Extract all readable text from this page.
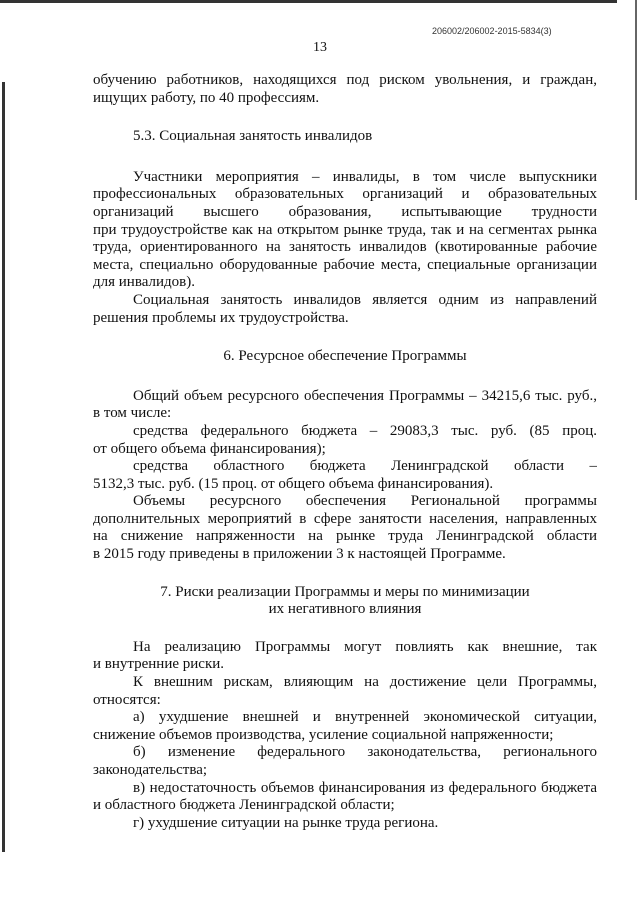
206002/206002-2015-5834(3)
13
обучению работников, находящихся под риском увольнения, и граждан,
ищущих работу, по 40 профессиям.
5.3. Социальная занятость инвалидов
Участники мероприятия – инвалиды, в том числе выпускники
профессиональных образовательных организаций и образовательных
организаций высшего образования, испытывающие трудности
при трудоустройстве как на открытом рынке труда, так и на сегментах рынка
труда, ориентированного на занятость инвалидов (квотированные рабочие
места, специально оборудованные рабочие места, специальные организации
для инвалидов).
Социальная занятость инвалидов является одним из направлений
решения проблемы их трудоустройства.
6. Ресурсное обеспечение Программы
Общий объем ресурсного обеспечения Программы – 34215,6 тыс. руб.,
в том числе:
средства федерального бюджета – 29083,3 тыс. руб. (85 проц.
от общего объема финансирования);
средства областного бюджета Ленинградской области –
5132,3 тыс. руб. (15 проц. от общего объема финансирования).
Объемы ресурсного обеспечения Региональной программы
дополнительных мероприятий в сфере занятости населения, направленных
на снижение напряженности на рынке труда Ленинградской области
в 2015 году приведены в приложении 3 к настоящей Программе.
7. Риски реализации Программы и меры по минимизации
их негативного влияния
На реализацию Программы могут повлиять как внешние, так
и внутренние риски.
К внешним рискам, влияющим на достижение цели Программы,
относятся:
а) ухудшение внешней и внутренней экономической ситуации,
снижение объемов производства, усиление социальной напряженности;
б) изменение федерального законодательства, регионального
законодательства;
в) недостаточность объемов финансирования из федерального бюджета
и областного бюджета Ленинградской области;
г) ухудшение ситуации на рынке труда региона.
